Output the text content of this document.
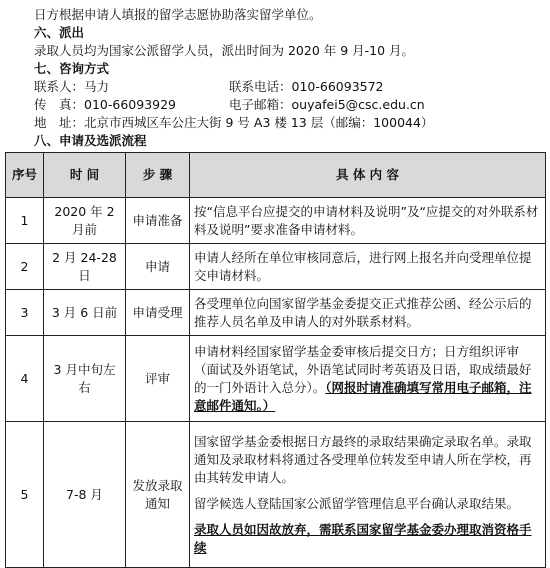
日方根据申请人填报的留学志愿协助落实留学单位。
六、派出
录取人员均为国家公派留学人员，派出时间为 2020 年 9 月-10 月。
七、咨询方式
联系人：马力	联系电话：010-66093572
传　真：010-66093929	电子邮箱：ouyafei5@csc.edu.cn
地　址：北京市西城区车公庄大街 9 号 A3 楼 13 层（邮编：100044）
八、申请及选派流程
序号	时 间	步 骤	具 体 内 容
1	2020 年 2 月前	申请准备	按“信息平台应提交的申请材料及说明”及“应提交的对外联系材料及说明”要求准备申请材料。
2	2 月 24-28 日	申请	申请人经所在单位审核同意后，进行网上报名并向受理单位提交申请材料。
3	3 月 6 日前	申请受理	各受理单位向国家留学基金委提交正式推荐公函、经公示后的推荐人员名单及申请人的对外联系材料。
4	3 月中旬左右	评审	申请材料经国家留学基金委审核后提交日方；日方组织评审（面试及外语笔试，外语笔试同时考英语及日语，取成绩最好的一门外语计入总分）。（网报时请准确填写常用电子邮箱，注意邮件通知。）
5	7-8 月	发放录取通知	国家留学基金委根据日方最终的录取结果确定录取名单。录取通知及录取材料将通过各受理单位转发至申请人所在学校，再由其转发申请人。

留学候选人登陆国家公派留学管理信息平台确认录取结果。

录取人员如因故放弃，需联系国家留学基金委办理取消资格手续
